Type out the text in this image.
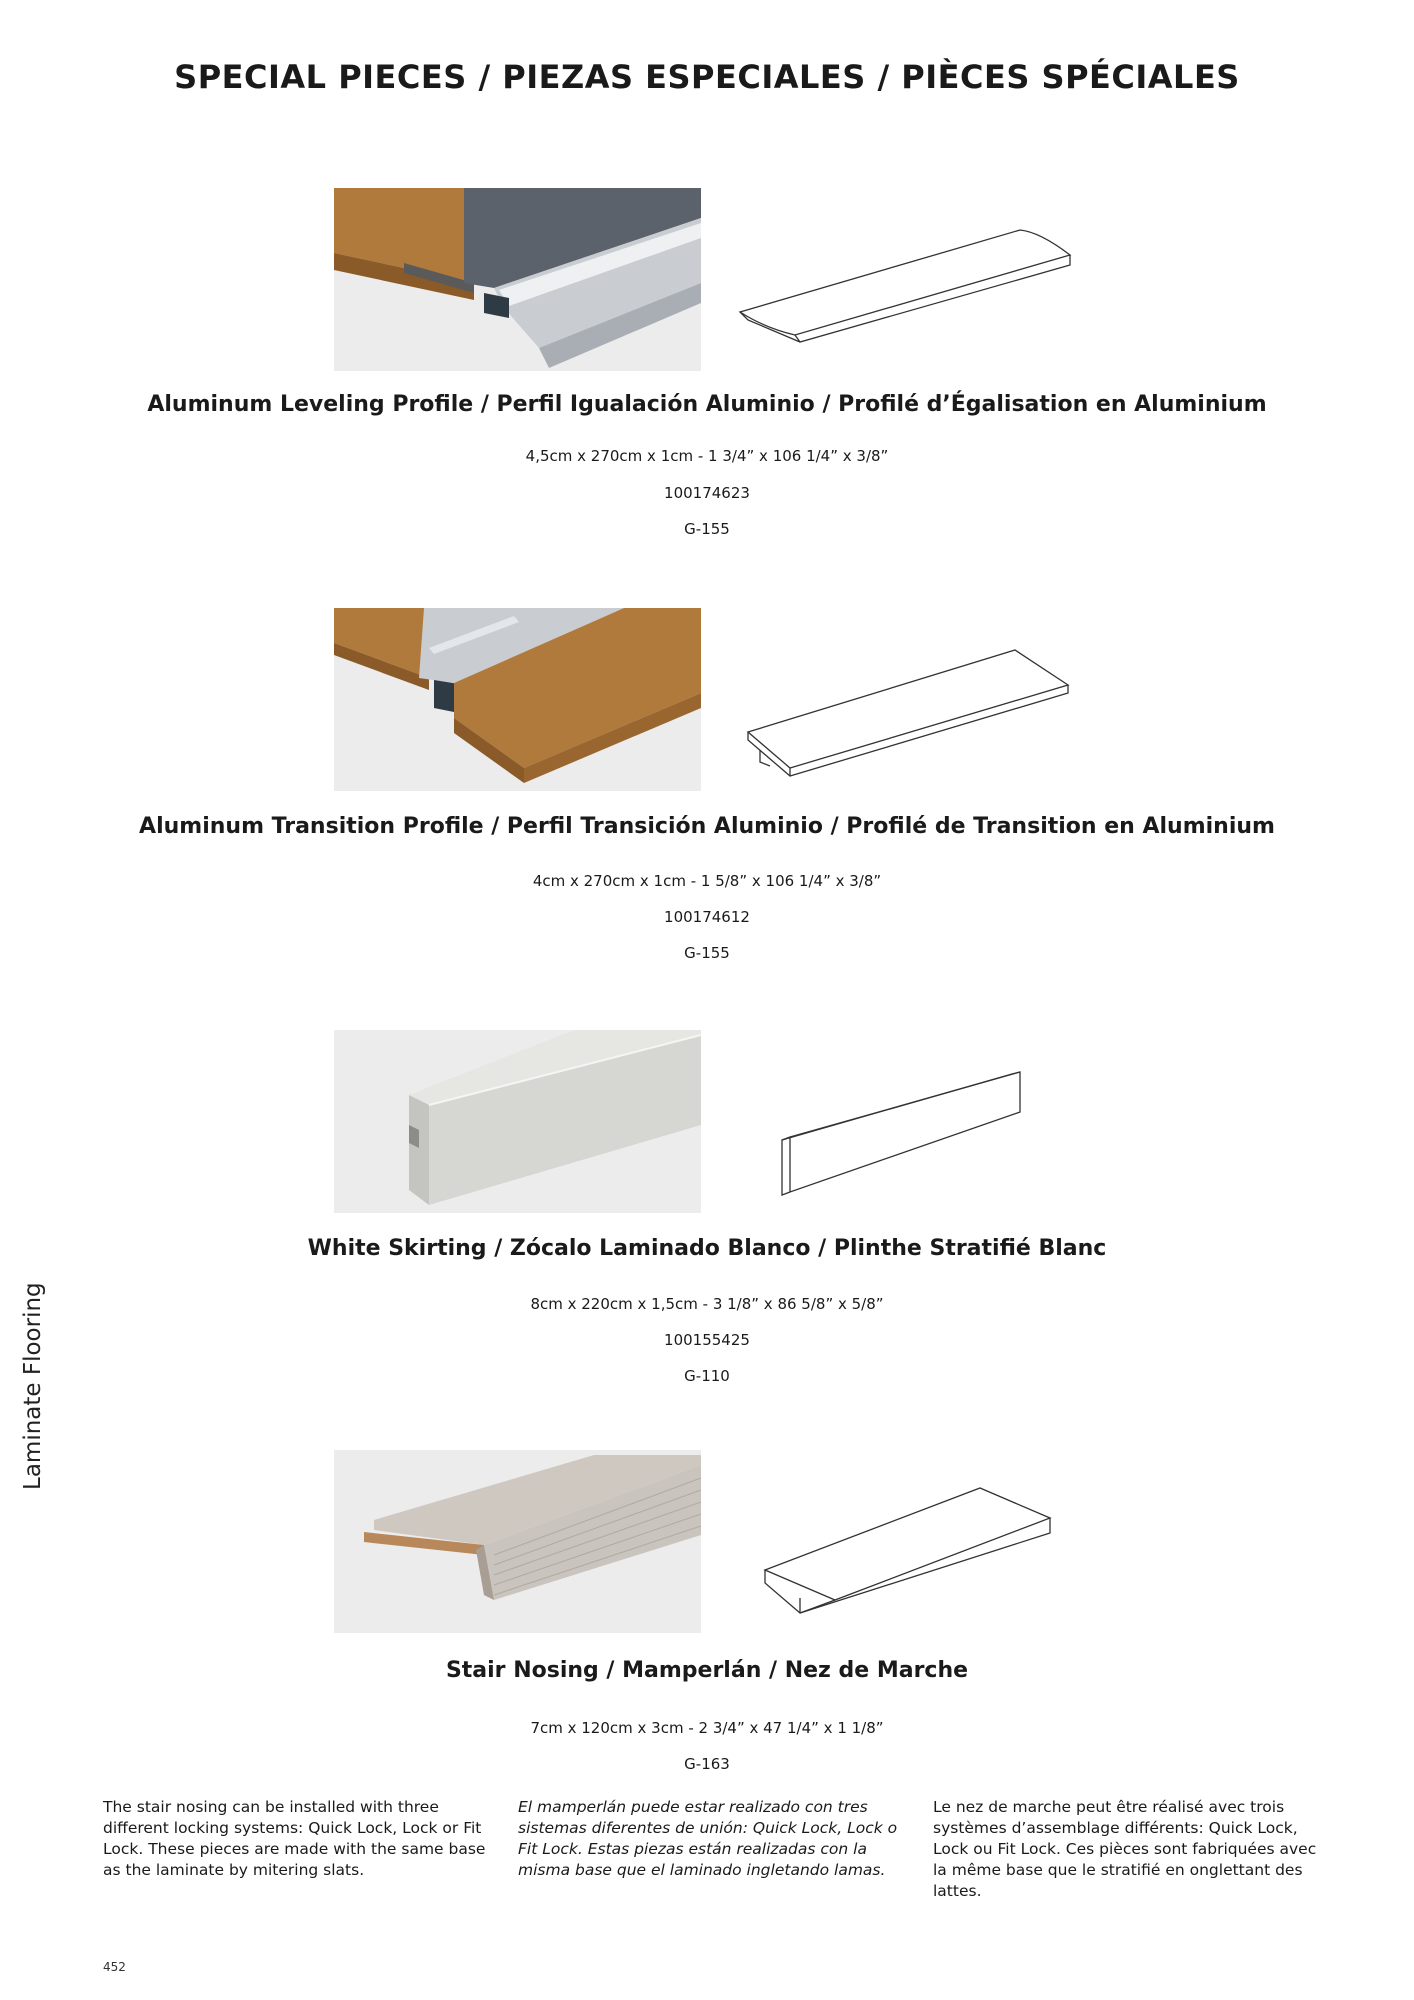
SPECIAL PIECES / PIEZAS ESPECIALES / PIÈCES SPÉCIALES
Laminate Flooring
Aluminum Leveling Profile / Perfil Igualación Aluminio / Profilé d’Égalisation en Aluminium
4,5cm x 270cm x 1cm - 1 3/4” x 106 1/4” x 3/8”
100174623
G-155
Aluminum Transition Profile / Perfil Transición Aluminio / Profilé de Transition en Aluminium
4cm x 270cm x 1cm - 1 5/8” x 106 1/4” x 3/8”
100174612
G-155
White Skirting / Zócalo Laminado Blanco / Plinthe Stratifié Blanc
8cm x 220cm x 1,5cm - 3 1/8” x 86 5/8” x 5/8”
100155425
G-110
Stair Nosing / Mamperlán / Nez de Marche
7cm x 120cm x 3cm - 2 3/4” x 47 1/4” x 1 1/8”
G-163
The stair nosing can be installed with three different locking systems: Quick Lock, Lock or Fit Lock. These pieces are made with the same base as the laminate by mitering slats.
El mamperlán puede estar realizado con tres sistemas diferentes de unión: Quick Lock, Lock o Fit Lock. Estas piezas están realizadas con la misma base que el laminado ingletando lamas.
Le nez de marche peut être réalisé avec trois systèmes d’assemblage différents: Quick Lock, Lock ou Fit Lock. Ces pièces sont fabriquées avec la même base que le stratifié en onglettant des lattes.
452
